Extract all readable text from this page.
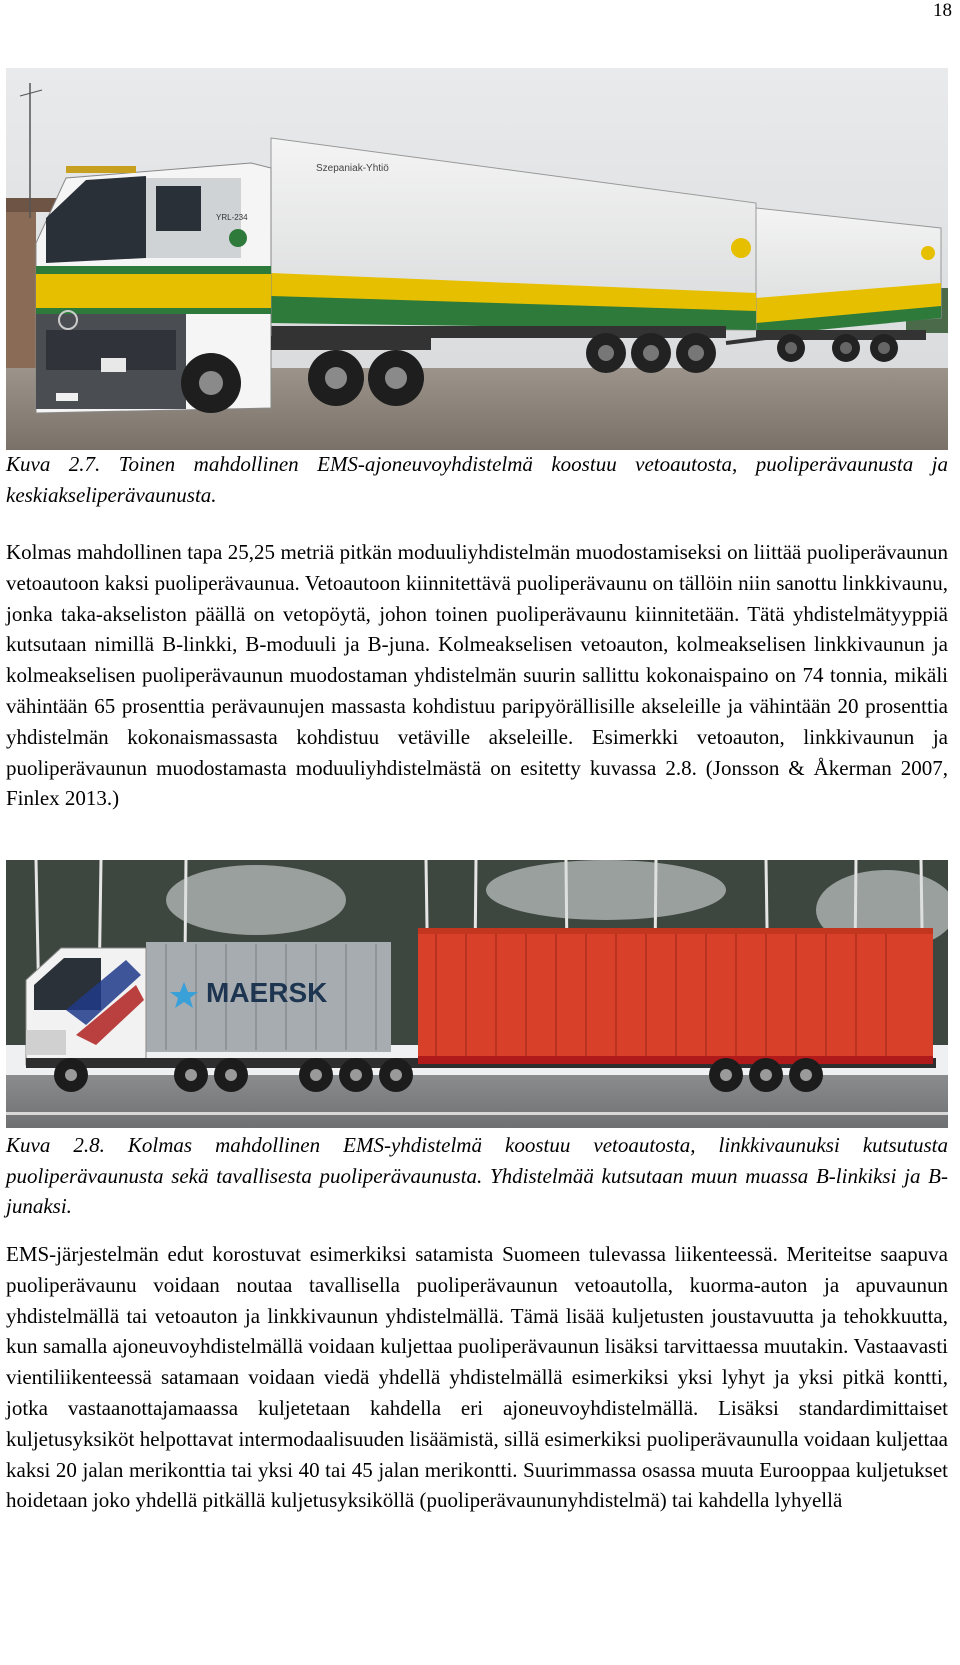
18
Szepaniak-Yhtiö
YRL-234
Kuva 2.7. Toinen mahdollinen EMS-ajoneuvoyhdistelmä koostuu vetoautosta, puoliperävaunusta ja keskiakseliperävaunusta.

Kolmas mahdollinen tapa 25,25 metriä pitkän moduuliyhdistelmän muodostamiseksi on liittää puoliperävaunun vetoautoon kaksi puoliperävaunua. Vetoautoon kiinnitettävä puoliperävaunu on tällöin niin sanottu linkkivaunu, jonka taka-akseliston päällä on vetopöytä, johon toinen puoliperävaunu kiinnitetään. Tätä yhdistelmätyyppiä kutsutaan nimillä B-linkki, B-moduuli ja B-juna. Kolmeakselisen vetoauton, kolmeakselisen linkkivaunun ja kolmeakselisen puoliperävaunun muodostaman yhdistelmän suurin sallittu kokonaispaino on 74 tonnia, mikäli vähintään 65 prosenttia perävaunujen massasta kohdistuu paripyörällisille akseleille ja vähintään 20 prosenttia yhdistelmän kokonaismassasta kohdistuu vetäville akseleille. Esimerkki vetoauton, linkkivaunun ja puoliperävaunun muodostamasta moduuliyhdistelmästä on esitetty kuvassa 2.8. (Jonsson & Åkerman 2007, Finlex 2013.)

MAERSK
Kuva 2.8. Kolmas mahdollinen EMS-yhdistelmä koostuu vetoautosta, linkkivaunuksi kutsutusta puoliperävaunusta sekä tavallisesta puoliperävaunusta. Yhdistelmää kutsutaan muun muassa B-linkiksi ja B-junaksi.

EMS-järjestelmän edut korostuvat esimerkiksi satamista Suomeen tulevassa liikenteessä. Meriteitse saapuva puoliperävaunu voidaan noutaa tavallisella puoliperävaunun vetoautolla, kuorma-auton ja apuvaunun yhdistelmällä tai vetoauton ja linkkivaunun yhdistelmällä. Tämä lisää kuljetusten joustavuutta ja tehokkuutta, kun samalla ajoneuvoyhdistelmällä voidaan kuljettaa puoliperävaunun lisäksi tarvittaessa muutakin. Vastaavasti vientiliikenteessä satamaan voidaan viedä yhdellä yhdistelmällä esimerkiksi yksi lyhyt ja yksi pitkä kontti, jotka vastaanottajamaassa kuljetetaan kahdella eri ajoneuvoyhdistelmällä. Lisäksi standardimittaiset kuljetusyksiköt helpottavat intermodaalisuuden lisäämistä, sillä esimerkiksi puoliperävaunulla voidaan kuljettaa kaksi 20 jalan merikonttia tai yksi 40 tai 45 jalan merikontti. Suurimmassa osassa muuta Eurooppaa kuljetukset hoidetaan joko yhdellä pitkällä kuljetusyksiköllä (puoliperävaununyhdistelmä) tai kahdella lyhyellä
